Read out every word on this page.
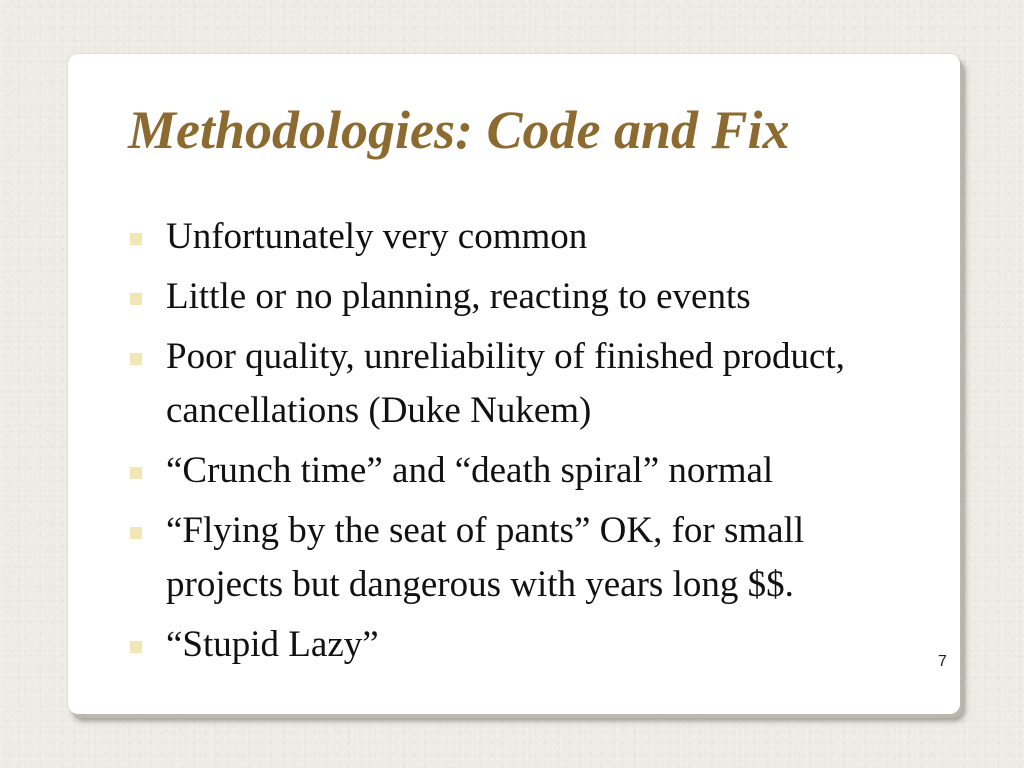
Methodologies: Code and Fix
Unfortunately very common
Little or no planning, reacting to events
Poor quality, unreliability of finished product, cancellations (Duke Nukem)
“Crunch time” and “death spiral” normal
“Flying by the seat of pants” OK, for small projects but dangerous with years long $$.
“Stupid Lazy”	7
